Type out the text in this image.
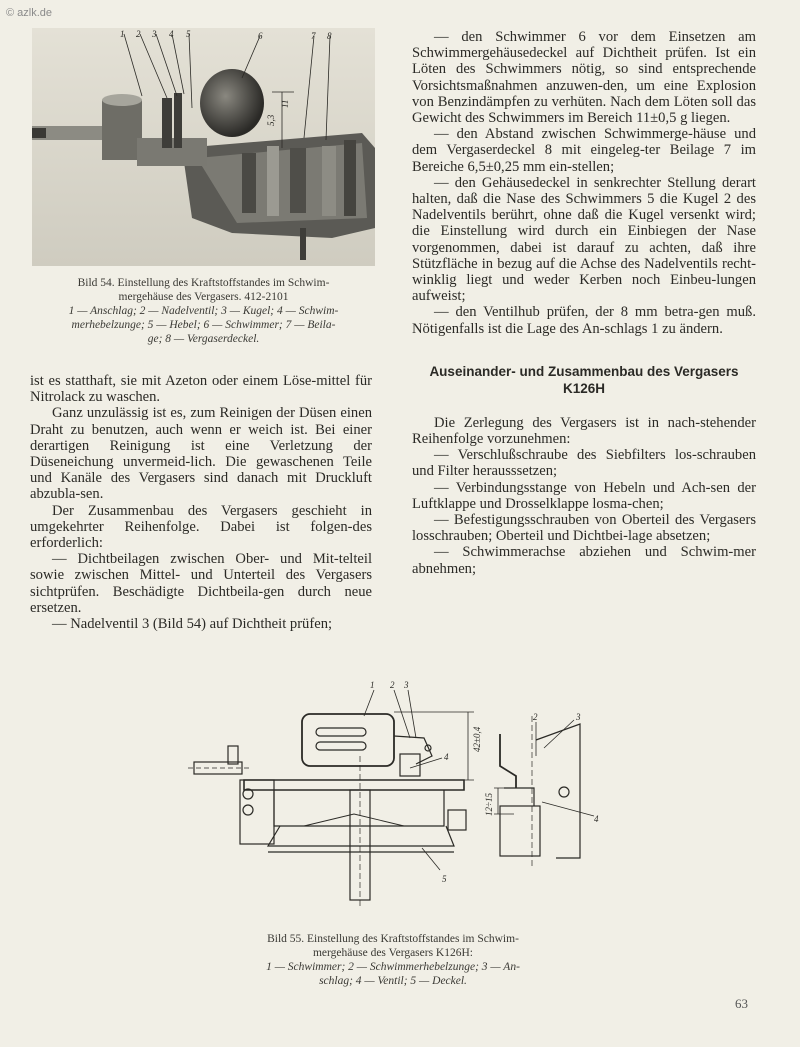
© azlk.de
1 2 3 4 5	6	7 8
5,3
11

Bild 54. Einstellung des Kraftstoffstandes im Schwim-

mergehäuse des Vergasers. 412-2101

1 — Anschlag; 2 — Nadelventil; 3 — Kugel; 4 — Schwim-

merhebelzunge; 5 — Hebel; 6 — Schwimmer; 7 — Beila-

ge; 8 — Vergaserdeckel.

ist es statthaft, sie mit Azeton oder einem Löse-mittel für Nitrolack zu waschen.

Ganz unzulässig ist es, zum Reinigen der Düsen einen Draht zu benutzen, auch wenn er weich ist. Bei einer derartigen Reinigung ist eine Verletzung der Düseneichung unvermeid-lich. Die gewaschenen Teile und Kanäle des Vergasers sind danach mit Druckluft abzubla-sen.

Der Zusammenbau des Vergasers geschieht in umgekehrter Reihenfolge. Dabei ist folgen-des erforderlich:

— Dichtbeilagen zwischen Ober- und Mit-telteil sowie zwischen Mittel- und Unterteil des Vergasers sichtprüfen. Beschädigte Dichtbeila-gen durch neue ersetzen.

— Nadelventil 3 (Bild 54) auf Dichtheit prüfen;

— den Schwimmer 6 vor dem Einsetzen am Schwimmergehäusedeckel auf Dichtheit prüfen. Ist ein Löten des Schwimmers nötig, so sind entsprechende Vorsichtsmaßnahmen anzuwen-den, um eine Explosion von Benzindämpfen zu verhüten. Nach dem Löten soll das Gewicht des Schwimmers im Bereich 11±0,5 g liegen.

— den Abstand zwischen Schwimmerge-häuse und dem Vergaserdeckel 8 mit eingeleg-ter Beilage 7 im Bereiche 6,5±0,25 mm ein-stellen;

— den Gehäusedeckel in senkrechter Stellung derart halten, daß die Nase des Schwimmers 5 die Kugel 2 des Nadelventils berührt, ohne daß die Kugel versenkt wird; die Einstellung wird durch ein Einbiegen der Nase vorgenommen, dabei ist darauf zu achten, daß ihre Stützfläche in bezug auf die Achse des Nadelventils recht-winklig liegt und weder Kerben noch Einbeu-lungen aufweist;

— den Ventilhub prüfen, der 8 mm betra-gen muß. Nötigenfalls ist die Lage des An-schlags 1 zu ändern.

Auseinander- und Zusammenbau des Vergasers K126H

Die Zerlegung des Vergasers ist in nach-stehender Reihenfolge vorzunehmen:

— Verschlußschraube des Siebfilters los-schrauben und Filter herausssetzen;

— Verbindungsstange von Hebeln und Ach-sen der Luftklappe und Drosselklappe losma-chen;

— Befestigungsschrauben von Oberteil des Vergasers losschrauben; Oberteil und Dichtbei-lage absetzen;

— Schwimmerachse abziehen und Schwim-mer abnehmen;

1 2 3
4
5
2	3
4
42±0,4
12÷15

Bild 55. Einstellung des Kraftstoffstandes im Schwim-

mergehäuse des Vergasers K126H:

1 — Schwimmer; 2 — Schwimmerhebelzunge; 3 — An-

schlag; 4 — Ventil; 5 — Deckel.

63
